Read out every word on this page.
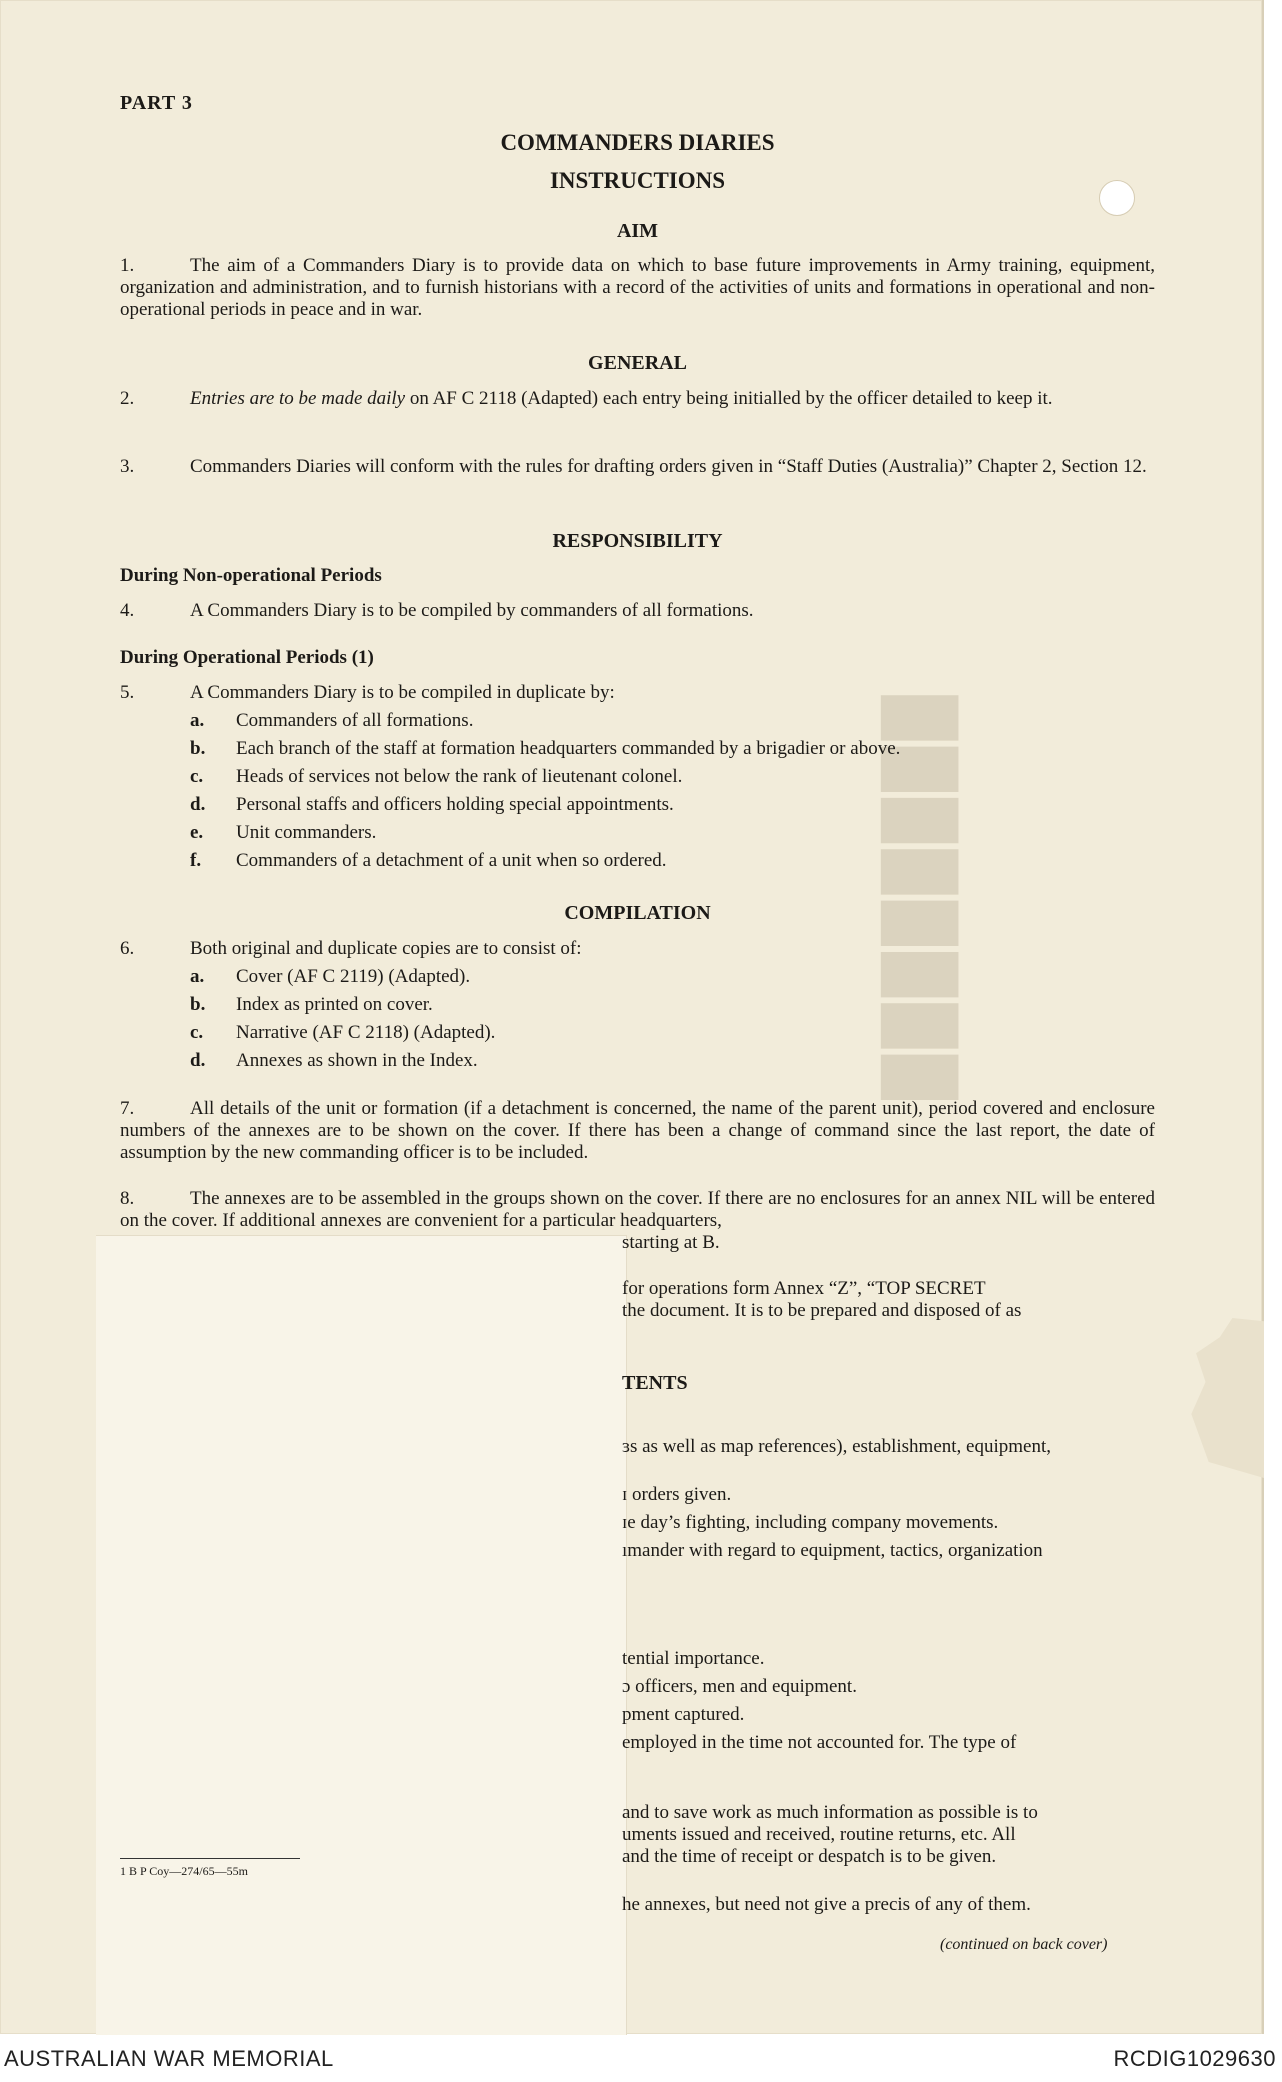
████████
PART 3
COMMANDERS DIARIES
INSTRUCTIONS
AIM
1.	The aim of a Commanders Diary is to provide data on which to base future improvements in Army training, equipment, organization and administration, and to furnish historians with a record of the activities of units and formations in operational and non-operational periods in peace and in war.
GENERAL
2.	Entries are to be made daily on AF C 2118 (Adapted) each entry being initialled by the officer detailed to keep it.
3.	Commanders Diaries will conform with the rules for drafting orders given in “Staff Duties (Australia)” Chapter 2, Section 12.
RESPONSIBILITY
During Non-operational Periods
4.	A Commanders Diary is to be compiled by commanders of all formations.
During Operational Periods (1)
5.	A Commanders Diary is to be compiled in duplicate by:
a. Commanders of all formations.
b. Each branch of the staff at formation headquarters commanded by a brigadier or above.
c. Heads of services not below the rank of lieutenant colonel.
d. Personal staffs and officers holding special appointments.
e. Unit commanders.
f. Commanders of a detachment of a unit when so ordered.
COMPILATION
6.	Both original and duplicate copies are to consist of:
a. Cover (AF C 2119) (Adapted).
b. Index as printed on cover.
c. Narrative (AF C 2118) (Adapted).
d. Annexes as shown in the Index.
7.	All details of the unit or formation (if a detachment is concerned, the name of the parent unit), period covered and enclosure numbers of the annexes are to be shown on the cover. If there has been a change of command since the last report, the date of assumption by the new commanding officer is to be included.
8.	The annexes are to be assembled in the groups shown on the cover. If there are no enclosures for an annex NIL will be entered on the cover. If additional annexes are convenient for a particular headquarters,
starting at B.
for operations form Annex “Z”, “TOP SECRET
the document. It is to be prepared and disposed of as
TENTS
ɜs as well as map references), establishment, equipment,
ɪ orders given.
ɪe day’s fighting, including company movements.
ımander with regard to equipment, tactics, organization
tential importance.
ɔ officers, men and equipment.
pment captured.
employed in the time not accounted for. The type of
and to save work as much information as possible is to
uments issued and received, routine returns, etc. All
and the time of receipt or despatch is to be given.
he annexes, but need not give a precis of any of them.
1 B P Coy—274/65—55m
(continued on back cover)
AUSTRALIAN WAR MEMORIAL	RCDIG1029630
